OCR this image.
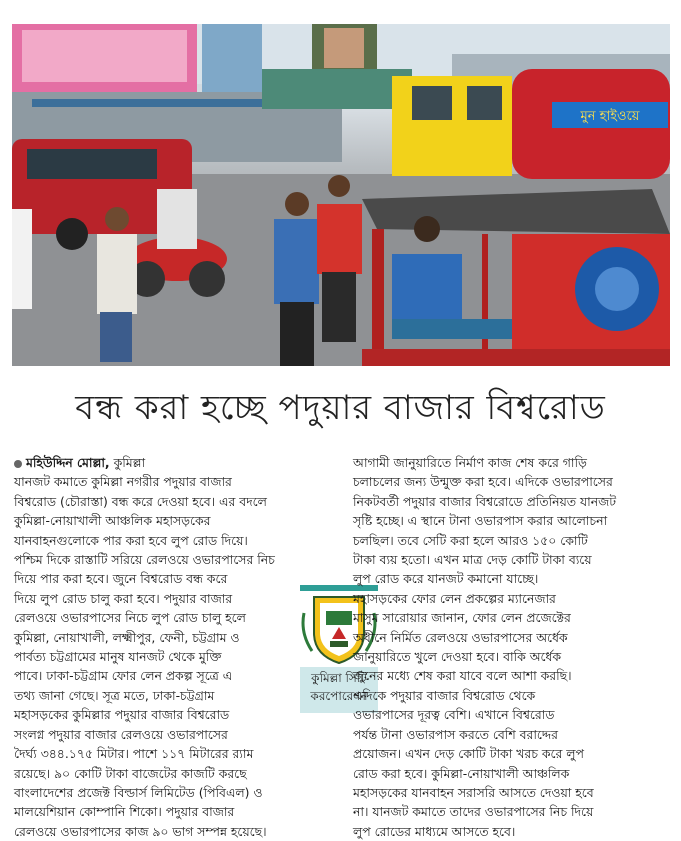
মুন হাইওয়ে
বন্ধ করা হচ্ছে পদুয়ার বাজার বিশ্বরোড

মহিউদ্দিন মোল্লা, কুমিল্লা

যানজট কমাতে কুমিল্লা নগরীর পদুয়ার বাজার

বিশ্বরোড (চৌরাস্তা) বন্ধ করে দেওয়া হবে। এর বদলে

কুমিল্লা-নোয়াখালী আঞ্চলিক মহাসড়কের

যানবাহনগুলোকে পার করা হবে লুপ রোড দিয়ে।

পশ্চিম দিকে রাস্তাটি সরিয়ে রেলওয়ে ওভারপাসের নিচ

দিয়ে পার করা হবে। জুনে বিশ্বরোড বন্ধ করে

দিয়ে লুপ রোড চালু করা হবে। পদুয়ার বাজার

রেলওয়ে ওভারপাসের নিচে লুপ রোড চালু হলে

কুমিল্লা, নোয়াখালী, লক্ষ্মীপুর, ফেনী, চট্টগ্রাম ও

পার্বত্য চট্টগ্রামের মানুষ যানজট থেকে মুক্তি

পাবে। ঢাকা-চট্টগ্রাম ফোর লেন প্রকল্প সূত্রে এ

তথ্য জানা গেছে। সূত্র মতে, ঢাকা-চট্টগ্রাম

মহাসড়কের কুমিল্লার পদুয়ার বাজার বিশ্বরোড

সংলগ্ন পদুয়ার বাজার রেলওয়ে ওভারপাসের

দৈর্ঘ্য ৩৪৪.১৭৫ মিটার। পাশে ১১৭ মিটারের র‌্যাম

রয়েছে। ৯০ কোটি টাকা বাজেটের কাজটি করছে

বাংলাদেশের প্রজেক্ট বিল্ডার্স লিমিটেড (পিবিএল) ও

মালয়েশিয়ান কোম্পানি শিকো। পদুয়ার বাজার

রেলওয়ে ওভারপাসের কাজ ৯০ ভাগ সম্পন্ন হয়েছে।

কুমিল্লা সিটি
করপোরেশন

আগামী জানুয়ারিতে নির্মাণ কাজ শেষ করে গাড়ি

চলাচলের জন্য উন্মুক্ত করা হবে। এদিকে ওভারপাসের

নিকটবর্তী পদুয়ার বাজার বিশ্বরোডে প্রতিনিয়ত যানজট

সৃষ্টি হচ্ছে। এ স্থানে টানা ওভারপাস করার আলোচনা

চলছিল। তবে সেটি করা হলে আরও ১৫০ কোটি

টাকা ব্যয় হতো। এখন মাত্র দেড় কোটি টাকা ব্যয়ে

লুপ রোড করে যানজট কমানো যাচ্ছে।

মহাসড়কের ফোর লেন প্রকল্পের ম্যানেজার

মাসুম সারোয়ার জানান, ফোর লেন প্রজেক্টের

অধীনে নির্মিত রেলওয়ে ওভারপাসের অর্ধেক

জানুয়ারিতে খুলে দেওয়া হবে। বাকি অর্ধেক

জুনের মধ্যে শেষ করা যাবে বলে আশা করছি।

এদিকে পদুয়ার বাজার বিশ্বরোড থেকে

ওভারপাসের দূরত্ব বেশি। এখানে বিশ্বরোড

পর্যন্ত টানা ওভারপাস করতে বেশি বরাদ্দের

প্রয়োজন। এখন দেড় কোটি টাকা খরচ করে লুপ

রোড করা হবে। কুমিল্লা-নোয়াখালী আঞ্চলিক

মহাসড়কের যানবাহন সরাসরি আসতে দেওয়া হবে

না। যানজট কমাতে তাদের ওভারপাসের নিচ দিয়ে

লুপ রোডের মাধ্যমে আসতে হবে।
